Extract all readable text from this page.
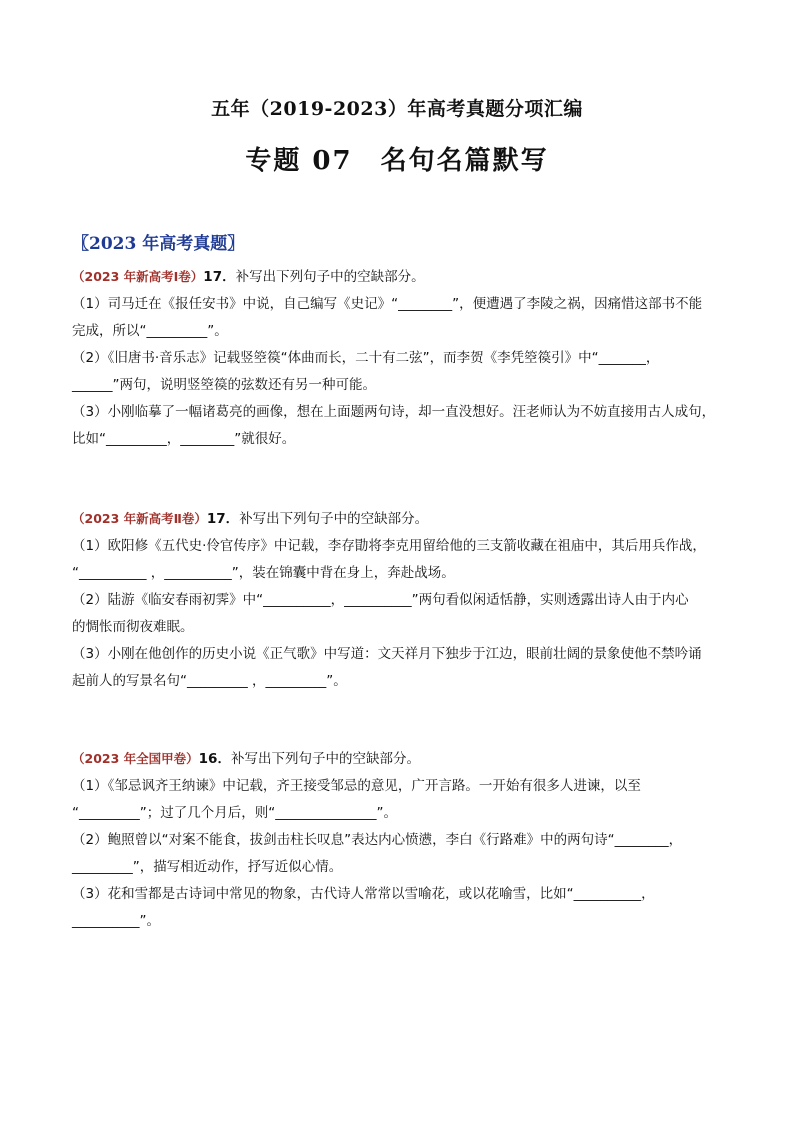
五年（2019-2023）年高考真题分项汇编
专题 07　名句名篇默写
〖2023 年高考真题〗
（2023 年新高考Ⅰ卷）17．补写出下列句子中的空缺部分。
（1）司马迁在《报任安书》中说，自己编写《史记》“________”，便遭遇了李陵之祸，因痛惜这部书不能
完成，所以“_________”。
（2）《旧唐书·音乐志》记载竖箜篌“体曲而长，二十有二弦”，而李贺《李凭箜篌引》中“_______，
______”两句，说明竖箜篌的弦数还有另一种可能。
（3）小刚临摹了一幅诸葛亮的画像，想在上面题两句诗，却一直没想好。汪老师认为不妨直接用古人成句，
比如“_________，________”就很好。
（2023 年新高考Ⅱ卷）17．补写出下列句子中的空缺部分。
（1）欧阳修《五代史·伶官传序》中记载，李存勖将李克用留给他的三支箭收藏在祖庙中，其后用兵作战，
“__________ ，__________”，装在锦囊中背在身上，奔赴战场。
（2）陆游《临安春雨初霁》中“__________，__________”两句看似闲适恬静，实则透露出诗人由于内心
的惆怅而彻夜难眠。
（3）小刚在他创作的历史小说《正气歌》中写道：文天祥月下独步于江边，眼前壮阔的景象使他不禁吟诵
起前人的写景名句“_________ ，_________”。
（2023 年全国甲卷）16．补写出下列句子中的空缺部分。
（1）《邹忌讽齐王纳谏》中记载，齐王接受邹忌的意见，广开言路。一开始有很多人进谏，以至
“_________”；过了几个月后，则“_______________”。
（2）鲍照曾以“对案不能食，拔剑击柱长叹息”表达内心愤懑，李白《行路难》中的两句诗“________，
_________”，描写相近动作，抒写近似心情。
（3）花和雪都是古诗词中常见的物象，古代诗人常常以雪喻花，或以花喻雪，比如“__________，
__________”。
